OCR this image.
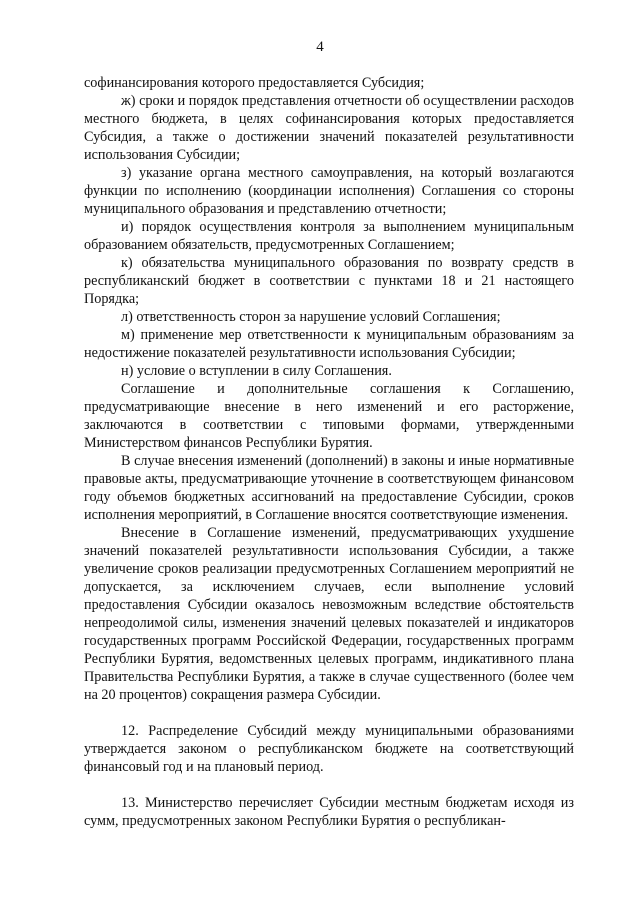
4

софинансирования которого предоставляется Субсидия;

ж) сроки и порядок представления отчетности об осуществлении расходов местного бюджета, в целях софинансирования которых предоставляется Субсидия, а также о достижении значений показателей результативности использования Субсидии;

з) указание органа местного самоуправления, на который возлагаются функции по исполнению (координации исполнения) Соглашения со стороны муниципального образования и представлению отчетности;

и) порядок осуществления контроля за выполнением муниципальным образованием обязательств, предусмотренных Соглашением;

к) обязательства муниципального образования по возврату средств в республиканский бюджет в соответствии с пунктами 18 и 21 настоящего Порядка;

л) ответственность сторон за нарушение условий Соглашения;

м) применение мер ответственности к муниципальным образованиям за недостижение показателей результативности использования Субсидии;

н) условие о вступлении в силу Соглашения.

Соглашение и дополнительные соглашения к Соглашению, предусматривающие внесение в него изменений и его расторжение, заключаются в соответствии с типовыми формами, утвержденными Министерством финансов Республики Бурятия.

В случае внесения изменений (дополнений) в законы и иные нормативные правовые акты, предусматривающие уточнение в соответствующем финансовом году объемов бюджетных ассигнований на предоставление Субсидии, сроков исполнения мероприятий, в Соглашение вносятся соответствующие изменения.

Внесение в Соглашение изменений, предусматривающих ухудшение значений показателей результативности использования Субсидии, а также увеличение сроков реализации предусмотренных Соглашением мероприятий не допускается, за исключением случаев, если выполнение условий предоставления Субсидии оказалось невозможным вследствие обстоятельств непреодолимой силы, изменения значений целевых показателей и индикаторов государственных программ Российской Федерации, государственных программ Республики Бурятия, ведомственных целевых программ, индикативного плана Правительства Республики Бурятия, а также в случае существенного (более чем на 20 процентов) сокращения размера Субсидии.

12. Распределение Субсидий между муниципальными образованиями утверждается законом о республиканском бюджете на соответствующий финансовый год и на плановый период.

13. Министерство перечисляет Субсидии местным бюджетам исходя из сумм, предусмотренных законом Республики Бурятия о республикан-
